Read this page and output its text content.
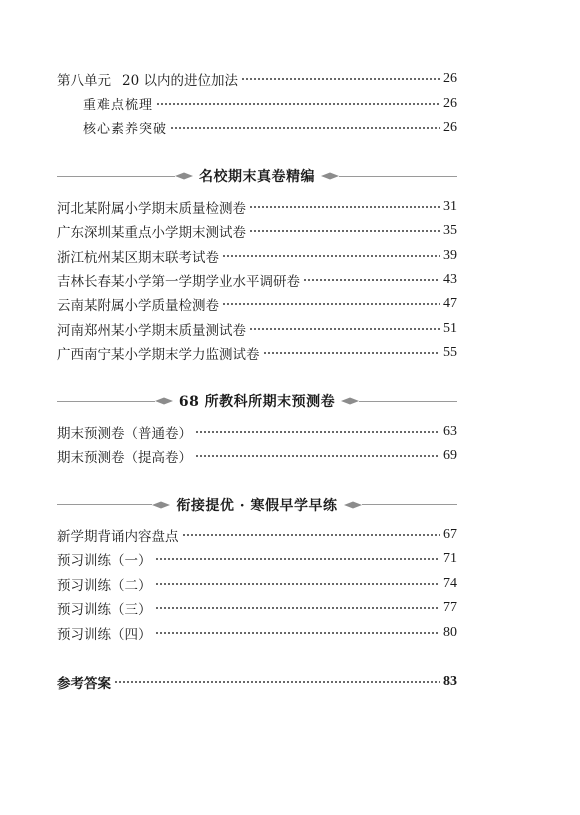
第八单元 20 以内的进位加法	26
重难点梳理	26
核心素养突破	26
名校期末真卷精编
河北某附属小学期末质量检测卷	31
广东深圳某重点小学期末测试卷	35
浙江杭州某区期末联考试卷	39
吉林长春某小学第一学期学业水平调研卷	43
云南某附属小学质量检测卷	47
河南郑州某小学期末质量测试卷	51
广西南宁某小学期末学力监测试卷	55
68 所教科所期末预测卷
期末预测卷（普通卷）	63
期末预测卷（提高卷）	69
衔接提优 · 寒假早学早练
新学期背诵内容盘点	67
预习训练（一）	71
预习训练（二）	74
预习训练（三）	77
预习训练（四）	80
参考答案	83
